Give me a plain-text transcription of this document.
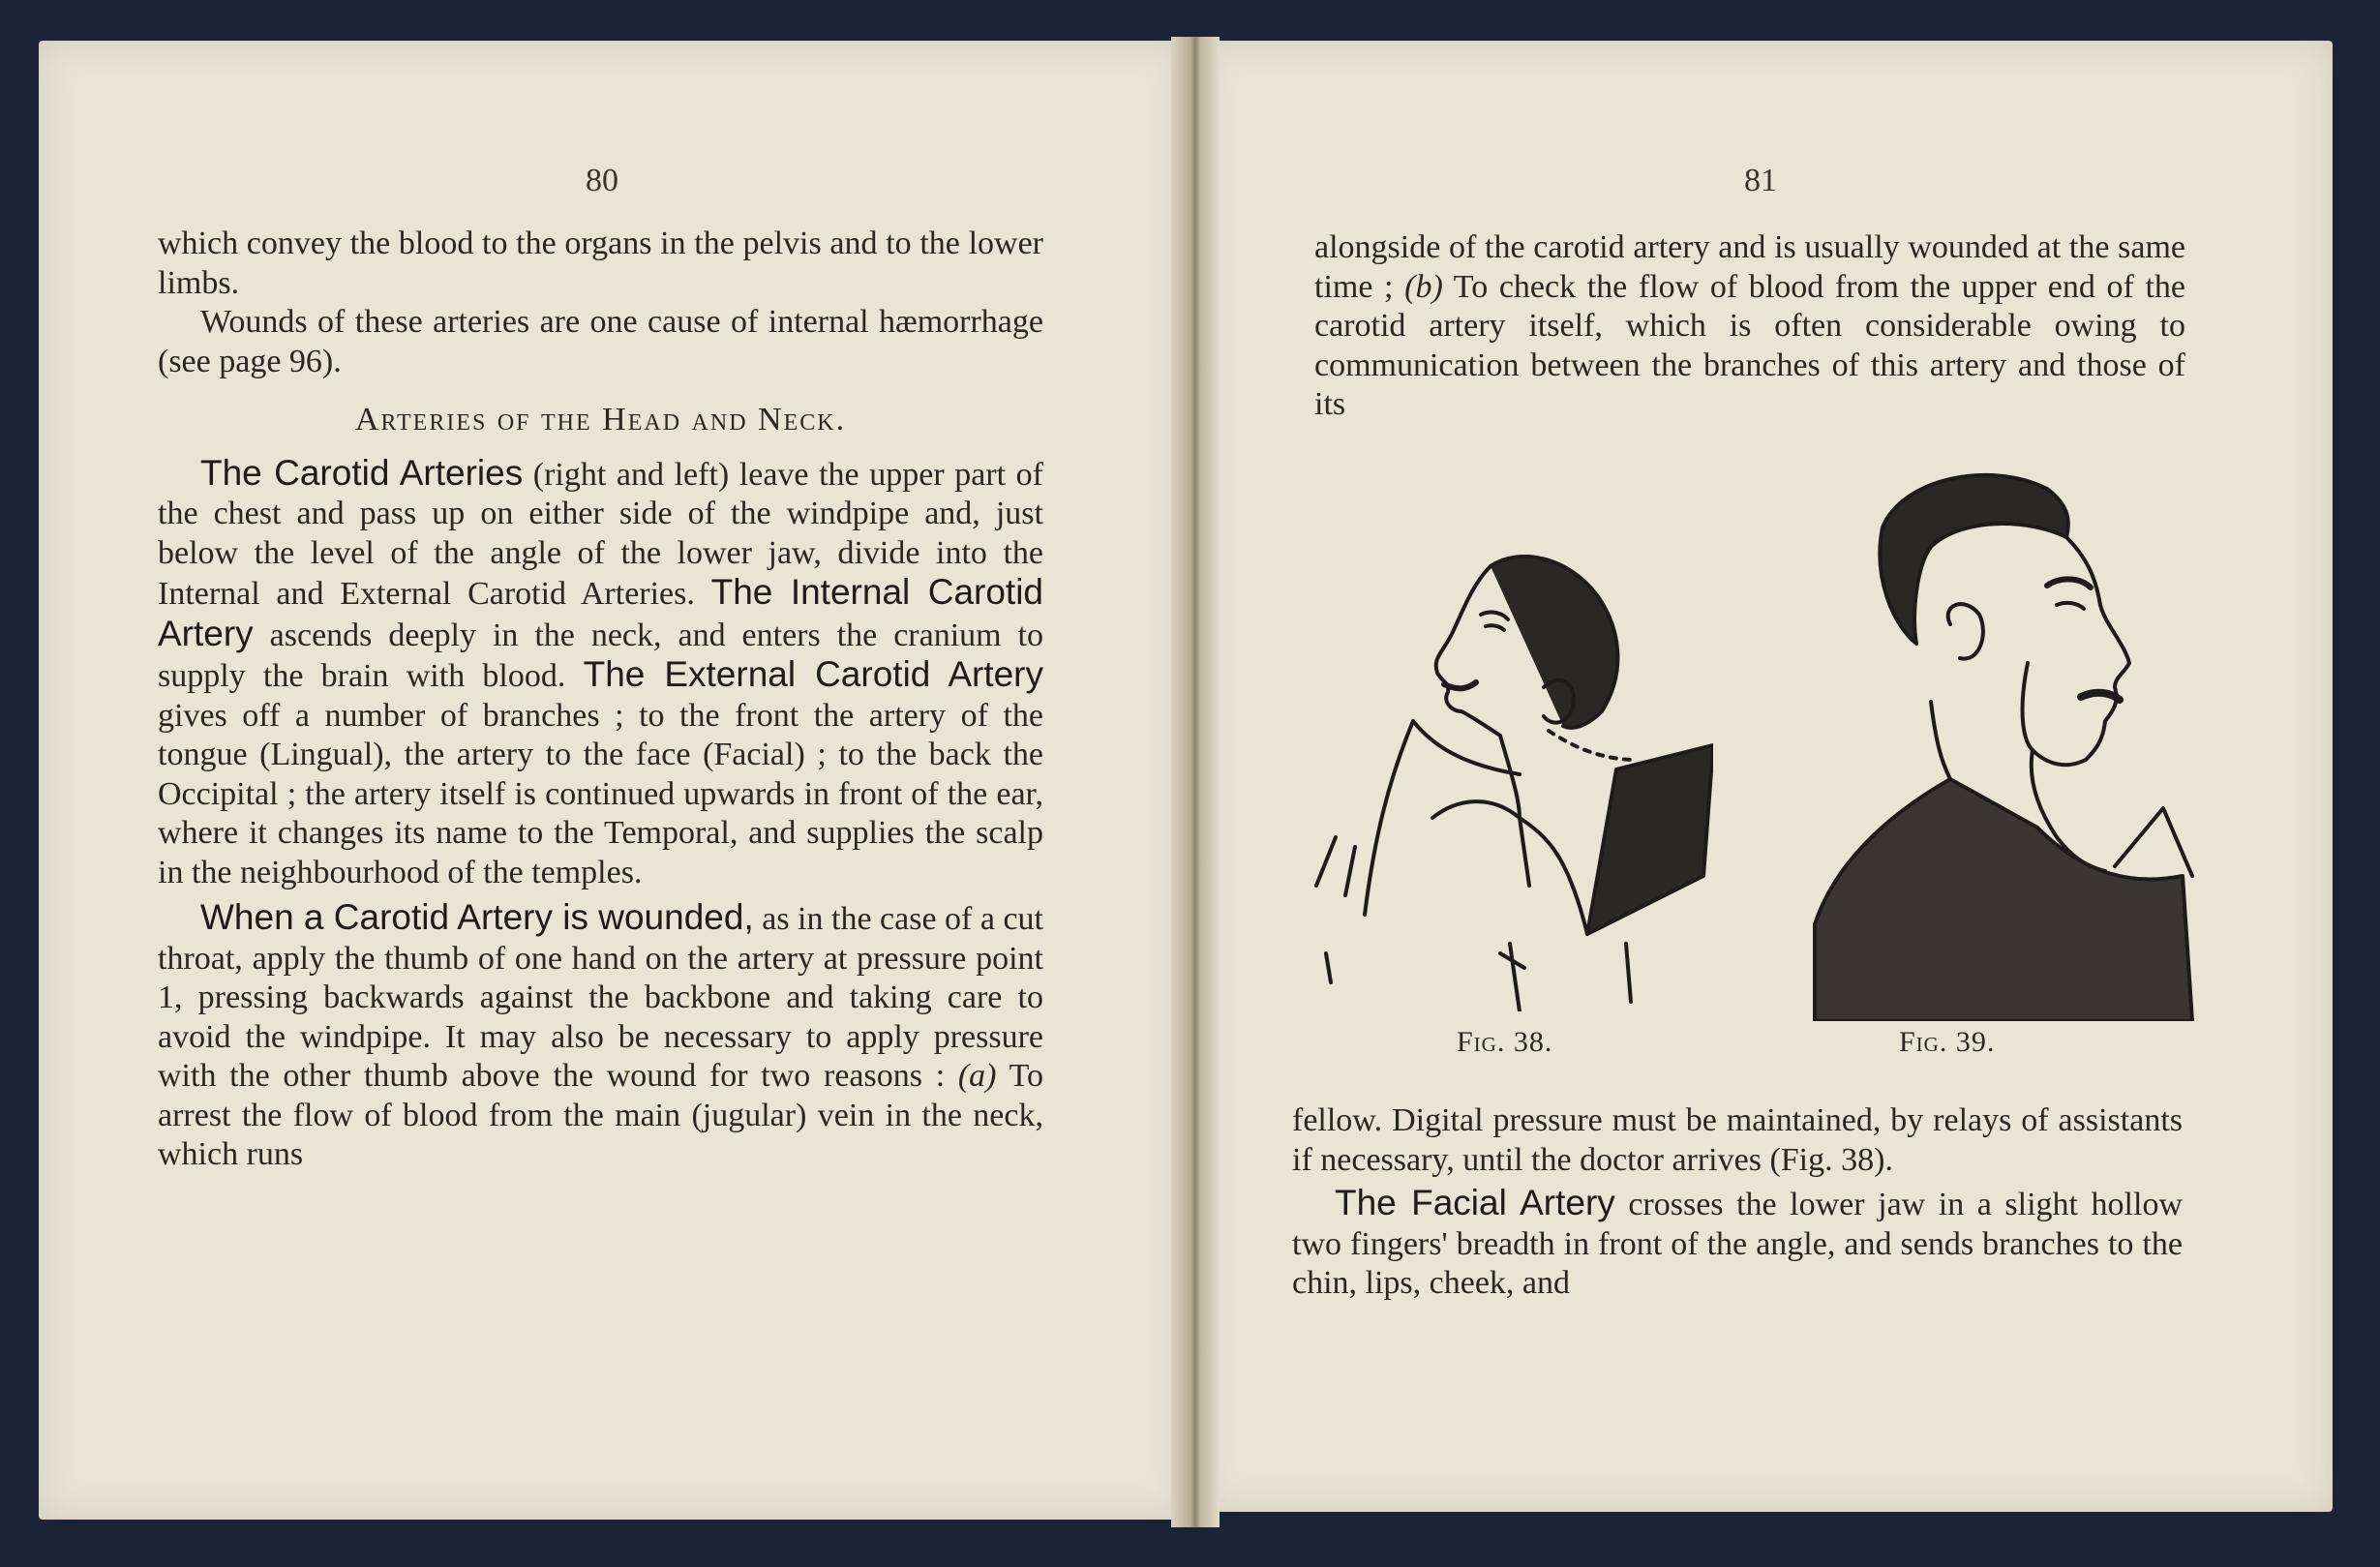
80

which convey the blood to the organs in the pelvis and to the lower limbs.

Wounds of these arteries are one cause of internal hæmorrhage (see page 96).

Arteries of the Head and Neck.

The Carotid Arteries (right and left) leave the upper part of the chest and pass up on either side of the windpipe and, just below the level of the angle of the lower jaw, divide into the Internal and External Carotid Arteries. The Internal Carotid Artery ascends deeply in the neck, and enters the cranium to supply the brain with blood. The External Carotid Artery gives off a number of branches ; to the front the artery of the tongue (Lingual), the artery to the face (Facial) ; to the back the Occipital ; the artery itself is continued upwards in front of the ear, where it changes its name to the Temporal, and supplies the scalp in the neighbourhood of the temples.

When a Carotid Artery is wounded, as in the case of a cut throat, apply the thumb of one hand on the artery at pressure point 1, pressing backwards against the backbone and taking care to avoid the windpipe. It may also be necessary to apply pressure with the other thumb above the wound for two reasons : (a) To arrest the flow of blood from the main (jugular) vein in the neck, which runs

81

alongside of the carotid artery and is usually wounded at the same time ; (b) To check the flow of blood from the upper end of the carotid artery itself, which is often considerable owing to communication between the branches of this artery and those of its

Fig. 38.	Fig. 39.

fellow. Digital pressure must be maintained, by relays of assistants if necessary, until the doctor arrives (Fig. 38).

The Facial Artery crosses the lower jaw in a slight hollow two fingers' breadth in front of the angle, and sends branches to the chin, lips, cheek, and
